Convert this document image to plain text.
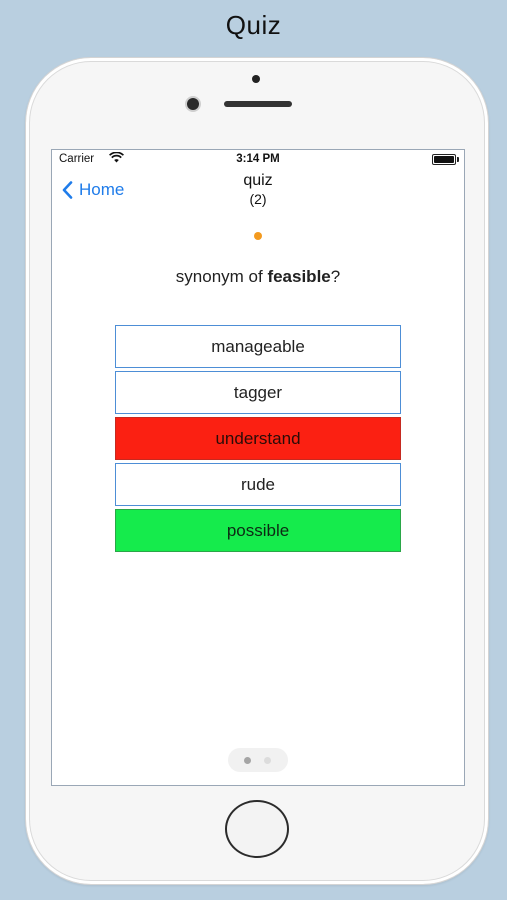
Quiz
Carrier	3:14 PM
Home	quiz
(2)
synonym of feasible?
manageable
tagger
understand
rude
possible
